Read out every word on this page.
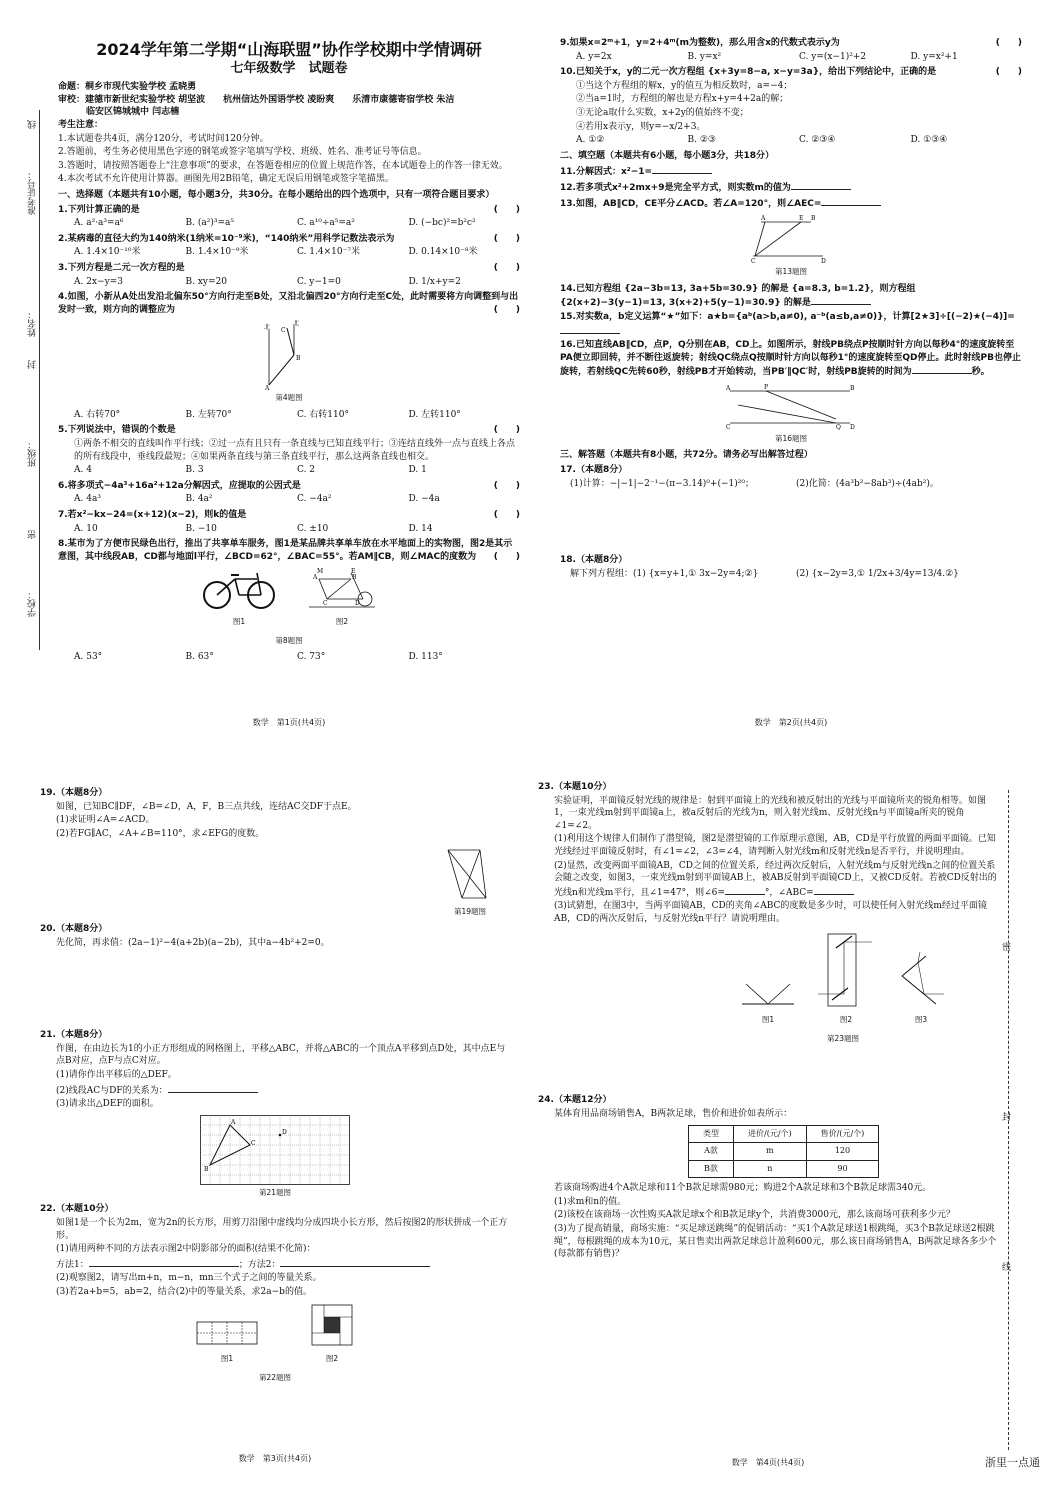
线
准考证号：
姓名：
封
班级：
密
学校：
2024学年第二学期“山海联盟”协作学校期中学情调研
七年级数学　试题卷
命题：桐乡市现代实验学校 孟晓勇
审校：建德市新世纪实验学校 胡坚波　　杭州信达外国语学校 凌盼爽　　乐清市康德寄宿学校 朱洁
临安区锦城城中 闫志楠
考生注意：
1.本试题卷共4页，满分120分，考试时间120分钟。
2.答题前，考生务必使用黑色字迹的钢笔或签字笔填写学校、班级、姓名、准考证号等信息。
3.答题时，请按照答题卷上“注意事项”的要求，在答题卷相应的位置上规范作答，在本试题卷上的作答一律无效。
4.本次考试不允许使用计算器。画图先用2B铅笔，确定无误后用钢笔或签字笔描黑。
一、选择题（本题共有10小题，每小题3分，共30分。在每小题给出的四个选项中，只有一项符合题目要求）
1.下列计算正确的是	(　　)
A. a²·a³=a⁶	B. (a²)³=a⁵	C. a¹⁰÷a⁵=a²	D. (−bc)²=b²c²
2.某病毒的直径大约为140纳米(1纳米=10⁻⁹米)，“140纳米”用科学记数法表示为	(　　)
A. 1.4×10⁻¹⁰米	B. 1.4×10⁻⁹米	C. 1.4×10⁻⁷米	D. 0.14×10⁻⁸米
3.下列方程是二元一次方程的是	(　　)
A. 2x−y=3	B. xy=20	C. y−1=0	D. 1/x+y=2
4.如图，小新从A处出发沿北偏东50°方向行走至B处，又沿北偏西20°方向行走至C处，此时需要将方向调整到与出发时一致，则方向的调整应为	(　　)
北
北
A
B
C
第4题图
A. 右转70°	B. 左转70°	C. 右转110°	D. 左转110°
5.下列说法中，错误的个数是	(　　)
①两条不相交的直线叫作平行线；②过一点有且只有一条直线与已知直线平行；③连结直线外一点与直线上各点的所有线段中，垂线段最短；④如果两条直线与第三条直线平行，那么这两条直线也相交。
A. 4	B. 3	C. 2	D. 1
6.将多项式−4a³+16a²+12a分解因式，应提取的公因式是	(　　)
A. 4a³	B. 4a²	C. −4a²	D. −4a
7.若x²−kx−24=(x+12)(x−2)，则k的值是	(　　)
A. 10	B. −10	C. ±10	D. 14
8.某市为了方便市民绿色出行，推出了共享单车服务，图1是某品牌共享单车放在水平地面上的实物图，图2是其示意图，其中线段AB，CD都与地面l平行，∠BCD=62°，∠BAC=55°。若AM∥CB，则∠MAC的度数为 (　　)
图1
A	B
C	D
E
M
图2
第8题图
A. 53°	B. 63°	C. 73°	D. 113°
数学　第1页(共4页)
9.如果x=2ᵐ+1，y=2+4ᵐ(m为整数)，那么用含x的代数式表示y为	(　　)
A. y=2x	B. y=x²	C. y=(x−1)²+2	D. y=x²+1
10.已知关于x，y的二元一次方程组 {x+3y=8−a, x−y=3a}，给出下列结论中，正确的是	(　　)
①当这个方程组的解x，y的值互为相反数时，a=−4；
②当a=1时，方程组的解也是方程x+y=4+2a的解；
③无论a取什么实数，x+2y的值始终不变；
④若用x表示y，则y=−x/2+3。
A. ①②	B. ②③	C. ②③④	D. ①③④
二、填空题（本题共有6小题，每小题3分，共18分）
11.分解因式：x²−1=
12.若多项式x²+2mx+9是完全平方式，则实数m的值为
13.如图，AB∥CD，CE平分∠ACD。若∠A=120°，则∠AEC=
A	B
C	D
E
第13题图
14.已知方程组 {2a−3b=13, 3a+5b=30.9} 的解是 {a=8.3, b=1.2}，则方程组 {2(x+2)−3(y−1)=13, 3(x+2)+5(y−1)=30.9} 的解是
15.对实数a，b定义运算“★”如下：a★b={aᵇ(a>b,a≠0), a⁻ᵇ(a≤b,a≠0)}，计算[2★3]÷[(−2)★(−4)]=
16.已知直线AB∥CD，点P，Q分别在AB，CD上。如图所示，射线PB绕点P按顺时针方向以每秒4°的速度旋转至PA便立即回转，并不断往返旋转；射线QC绕点Q按顺时针方向以每秒1°的速度旋转至QD停止。此时射线PB也停止旋转，若射线QC先转60秒，射线PB才开始转动，当PB′∥QC′时，射线PB旋转的时间为	秒。
A	P	B
C	Q D
第16题图
三、解答题（本题共有8小题，共72分。请务必写出解答过程）
17.（本题8分）
(1)计算：−|−1|−2⁻¹−(π−3.14)⁰+(−1)²⁰；	(2)化简：(4a³b²−8ab³)÷(4ab²)。
18.（本题8分）
解下列方程组：(1) {x=y+1,① 3x−2y=4;②}	(2) {x−2y=3,① 1/2x+3/4y=13/4.②}
数学　第2页(共4页)
19.（本题8分）
如图，已知BC∥DF，∠B=∠D，A，F，B三点共线，连结AC交DF于点E。
(1)求证明∠A=∠ACD。
(2)若FG∥AC，∠A+∠B=110°，求∠EFG的度数。
第19题图
20.（本题8分）
先化简，再求值：(2a−1)²−4(a+2b)(a−2b)，其中a−4b²+2=0。
21.（本题8分）
作图，在由边长为1的小正方形组成的网格图上，平移△ABC，并将△ABC的一个顶点A平移到点D处，其中点E与点B对应，点F与点C对应。
(1)请你作出平移后的△DEF。
(2)线段AC与DF的关系为：
(3)请求出△DEF的面积。
A
B
C
D
第21题图
22.（本题10分）
如图1是一个长为2m，宽为2n的长方形，用剪刀沿图中虚线均分成四块小长方形，然后按图2的形状拼成一个正方形。
(1)请用两种不同的方法表示图2中阴影部分的面积(结果不化简)：
方法1：	；方法2：
(2)观察图2，请写出m+n，m−n，mn三个式子之间的等量关系。
(3)若2a+b=5，ab=2，结合(2)中的等量关系，求2a−b的值。
图1	图2
第22题图
数学　第3页(共4页)
23.（本题10分）
实验证明，平面镜反射光线的规律是：射到平面镜上的光线和被反射出的光线与平面镜所夹的锐角相等。如图1，一束光线m射到平面镜a上，被a反射后的光线为n，则入射光线m、反射光线n与平面镜a所夹的锐角∠1=∠2。
(1)利用这个规律人们制作了潜望镜，图2是潜望镜的工作原理示意图，AB，CD是平行放置的两面平面镜。已知光线经过平面镜反射时，有∠1=∠2，∠3=∠4，请判断入射光线m和反射光线n是否平行，并说明理由。
(2)显然，改变两面平面镜AB，CD之间的位置关系，经过两次反射后，入射光线m与反射光线n之间的位置关系会随之改变，如图3，一束光线m射到平面镜AB上，被AB反射到平面镜CD上，又被CD反射。若被CD反射出的光线n和光线m平行，且∠1=47°，则∠6=	°，∠ABC=
(3)试猜想，在图3中，当两平面镜AB，CD的夹角∠ABC的度数是多少时，可以使任何入射光线m经过平面镜AB，CD的两次反射后，与反射光线n平行？请说明理由。
图1	图2	图3
第23题图
24.（本题12分）
某体育用品商场销售A，B两款足球，售价和进价如表所示：
类型	进价/(元/个)	售价/(元/个)
A款	m	120
B款	n	90
若该商场购进4个A款足球和11个B款足球需980元；购进2个A款足球和3个B款足球需340元。
(1)求m和n的值。
(2)该校在该商场一次性购买A款足球x个和B款足球y个，共消费3000元，那么该商场可获利多少元？
(3)为了提高销量，商场实施：“买足球送跳绳”的促销活动：“买1个A款足球送1根跳绳，买3个B款足球送2根跳绳”，每根跳绳的成本为10元，某日售卖出两款足球总计盈利600元，那么该日商场销售A，B两款足球各多少个(每款都有销售)？
数学　第4页(共4页)
密
封
线
浙里一点通
